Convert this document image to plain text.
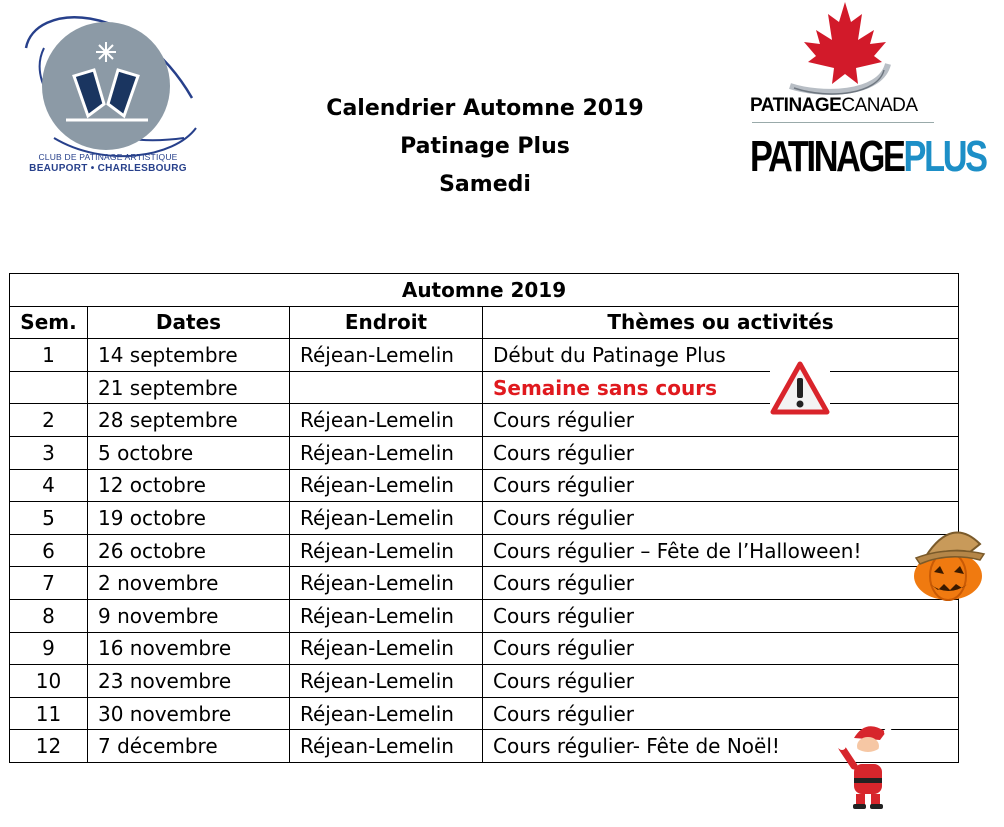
CLUB DE PATINAGE ARTISTIQUE
BEAUPORT • CHARLESBOURG
Calendrier Automne 2019
Patinage Plus
Samedi
PATINAGECANADA
PATINAGEPLUS
Automne 2019			
Sem.	Dates	Endroit	Thèmes ou activités
1	14 septembre	Réjean-Lemelin	Début du Patinage Plus
	21 septembre		Semaine sans cours
2	28 septembre	Réjean-Lemelin	Cours régulier
3	5 octobre	Réjean-Lemelin	Cours régulier
4	12 octobre	Réjean-Lemelin	Cours régulier
5	19 octobre	Réjean-Lemelin	Cours régulier
6	26 octobre	Réjean-Lemelin	Cours régulier – Fête de l’Halloween!
7	2 novembre	Réjean-Lemelin	Cours régulier
8	9 novembre	Réjean-Lemelin	Cours régulier
9	16 novembre	Réjean-Lemelin	Cours régulier
10	23 novembre	Réjean-Lemelin	Cours régulier
11	30 novembre	Réjean-Lemelin	Cours régulier
12	7 décembre	Réjean-Lemelin	Cours régulier- Fête de Noël!
